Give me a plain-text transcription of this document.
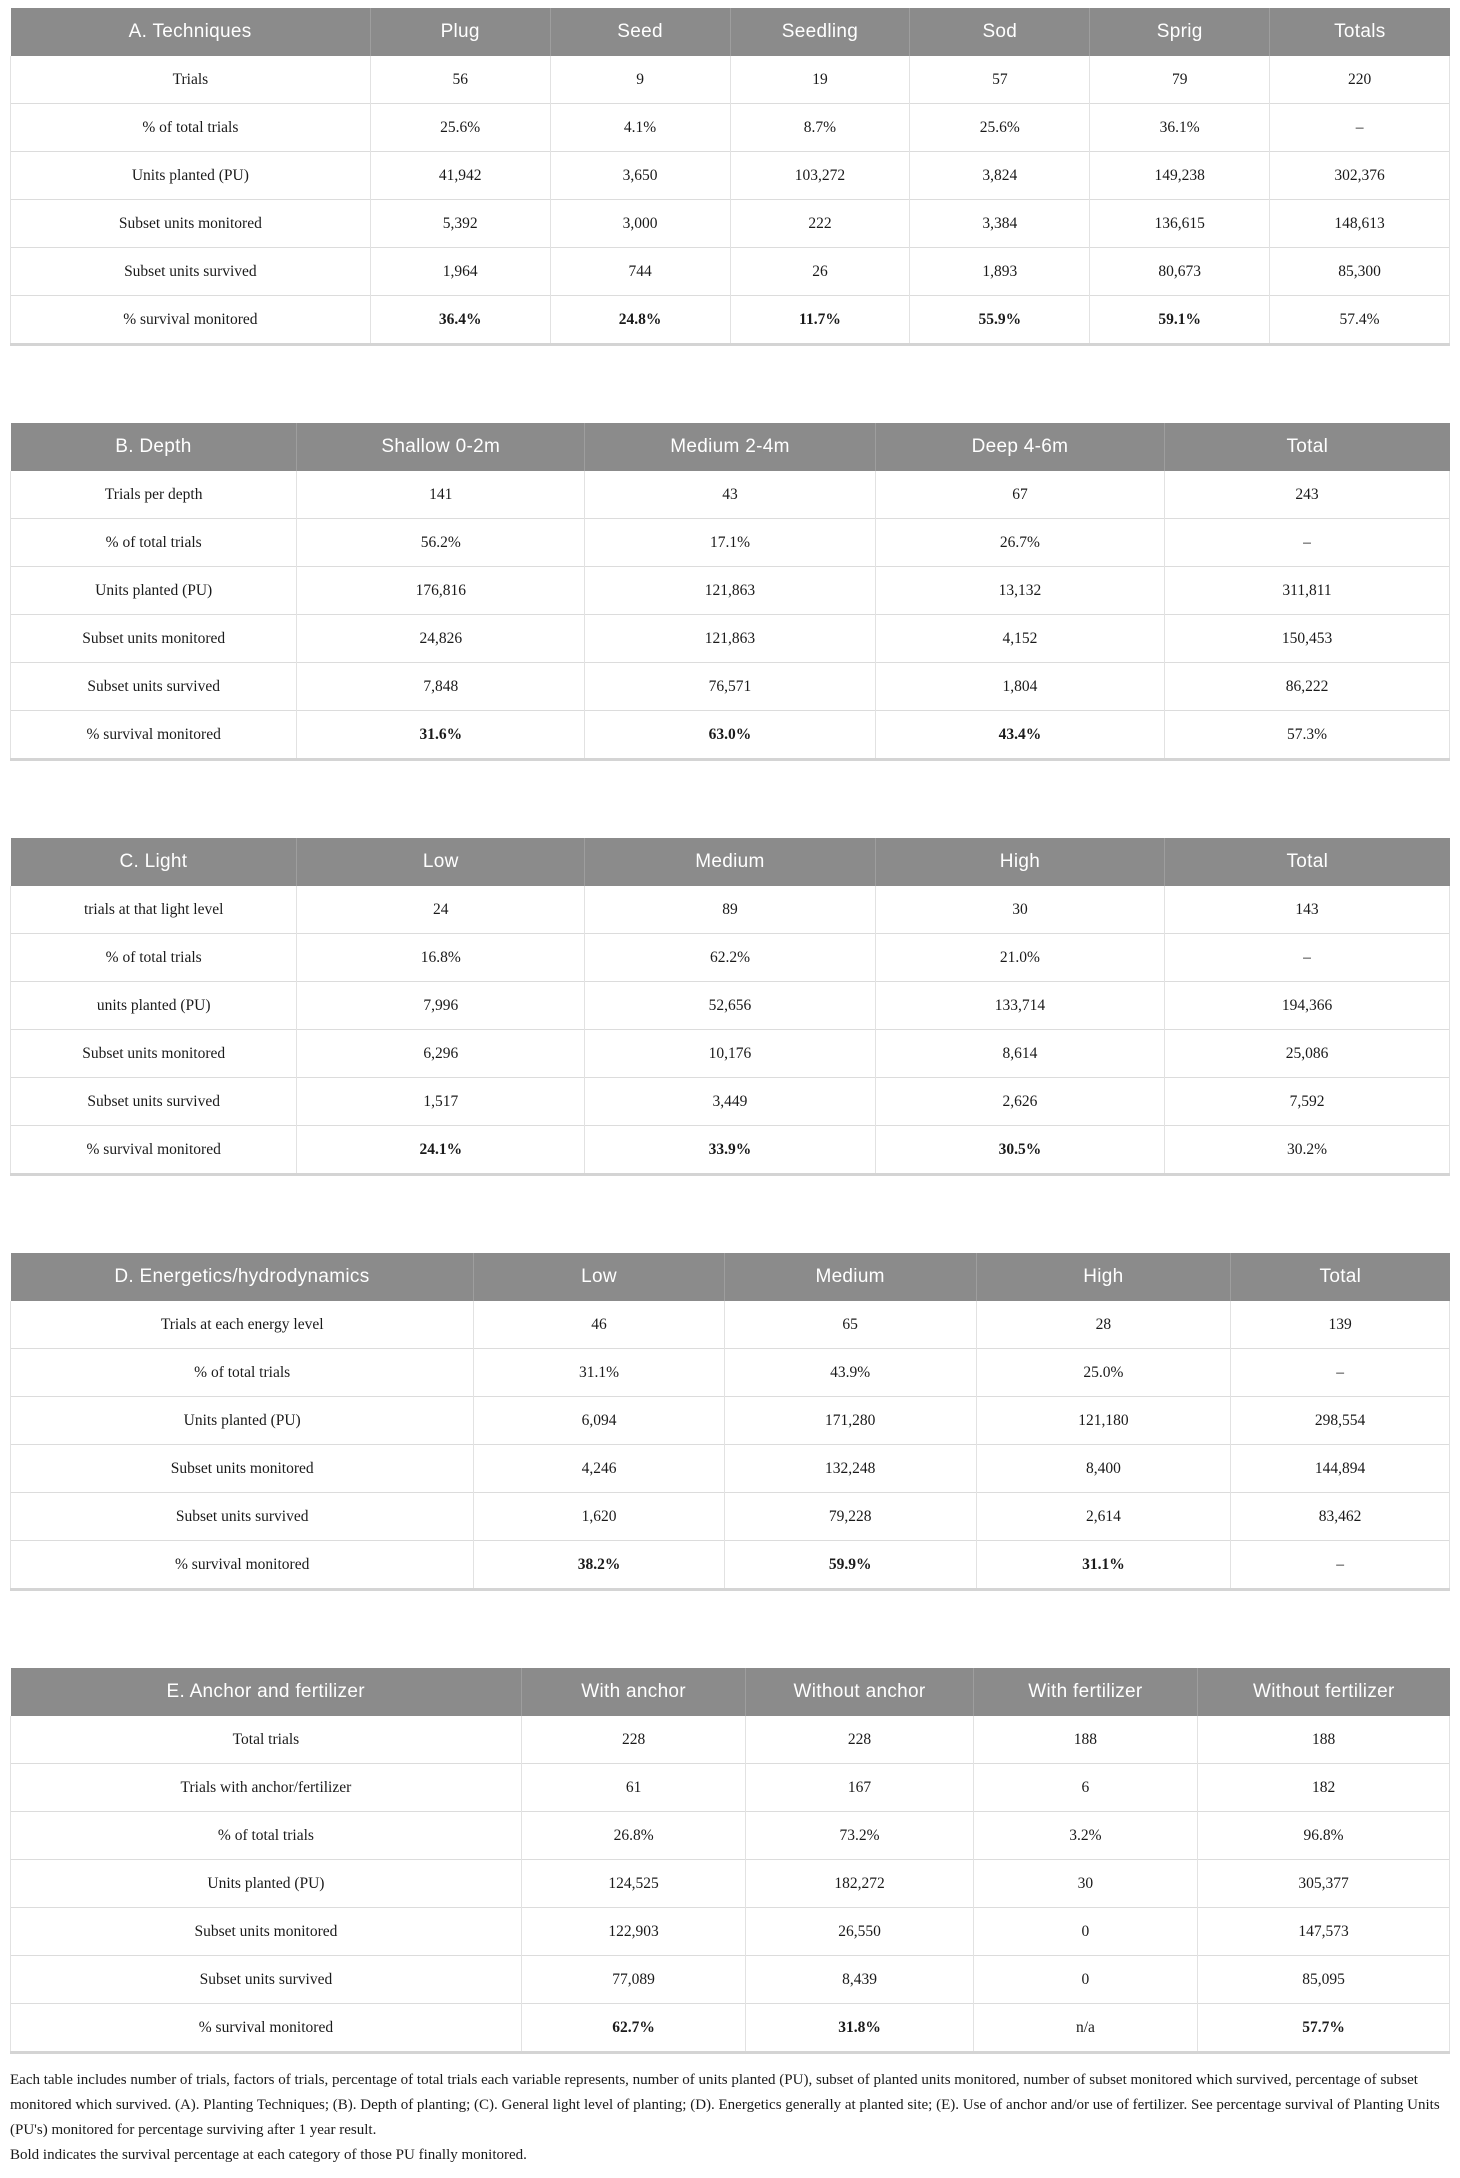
A. Techniques	Plug	Seed	Seedling	Sod	Sprig	Totals
Trials	56	9	19	57	79	220
% of total trials	25.6%	4.1%	8.7%	25.6%	36.1%	–
Units planted (PU)	41,942	3,650	103,272	3,824	149,238	302,376
Subset units monitored	5,392	3,000	222	3,384	136,615	148,613
Subset units survived	1,964	744	26	1,893	80,673	85,300
% survival monitored	36.4%	24.8%	11.7%	55.9%	59.1%	57.4%
B. Depth	Shallow 0-2m	Medium 2-4m	Deep 4-6m	Total
Trials per depth	141	43	67	243
% of total trials	56.2%	17.1%	26.7%	–
Units planted (PU)	176,816	121,863	13,132	311,811
Subset units monitored	24,826	121,863	4,152	150,453
Subset units survived	7,848	76,571	1,804	86,222
% survival monitored	31.6%	63.0%	43.4%	57.3%
C. Light	Low	Medium	High	Total
trials at that light level	24	89	30	143
% of total trials	16.8%	62.2%	21.0%	–
units planted (PU)	7,996	52,656	133,714	194,366
Subset units monitored	6,296	10,176	8,614	25,086
Subset units survived	1,517	3,449	2,626	7,592
% survival monitored	24.1%	33.9%	30.5%	30.2%
D. Energetics/hydrodynamics	Low	Medium	High	Total
Trials at each energy level	46	65	28	139
% of total trials	31.1%	43.9%	25.0%	–
Units planted (PU)	6,094	171,280	121,180	298,554
Subset units monitored	4,246	132,248	8,400	144,894
Subset units survived	1,620	79,228	2,614	83,462
% survival monitored	38.2%	59.9%	31.1%	–
E. Anchor and fertilizer	With anchor	Without anchor	With fertilizer	Without fertilizer
Total trials	228	228	188	188
Trials with anchor/fertilizer	61	167	6	182
% of total trials	26.8%	73.2%	3.2%	96.8%
Units planted (PU)	124,525	182,272	30	305,377
Subset units monitored	122,903	26,550	0	147,573
Subset units survived	77,089	8,439	0	85,095
% survival monitored	62.7%	31.8%	n/a	57.7%

Each table includes number of trials, factors of trials, percentage of total trials each variable represents, number of units planted (PU), subset of planted units monitored, number of subset monitored which survived, percentage of subset monitored which survived. (A). Planting Techniques; (B). Depth of planting; (C). General light level of planting; (D). Energetics generally at planted site; (E). Use of anchor and/or use of fertilizer. See percentage survival of Planting Units (PU's) monitored for percentage surviving after 1 year result.

Bold indicates the survival percentage at each category of those PU finally monitored.
